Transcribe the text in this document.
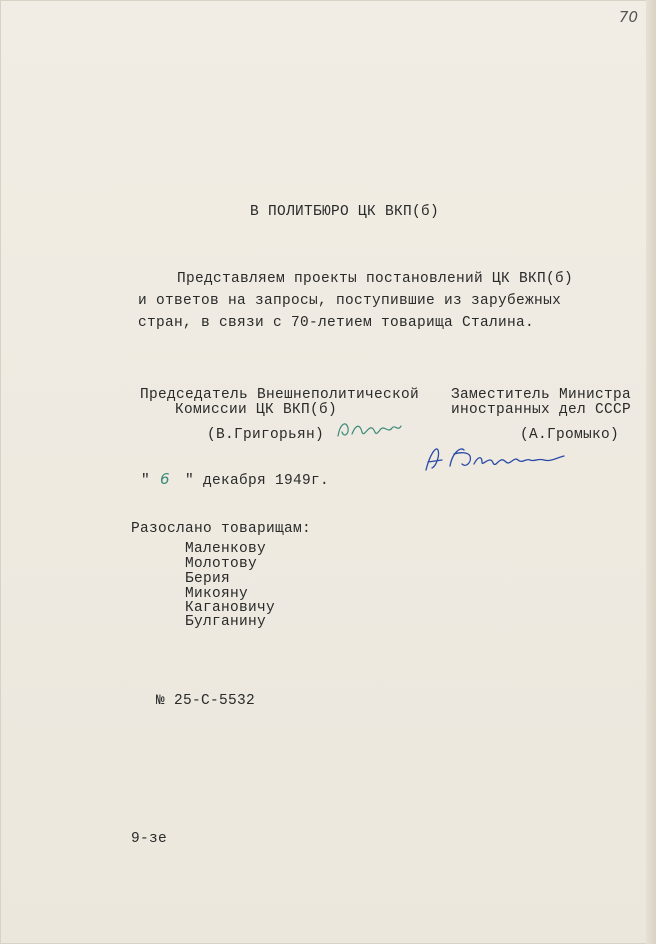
70
В ПОЛИТБЮРО ЦК ВКП(б)
Представляем проекты постановлений ЦК ВКП(б)
и ответов на запросы, поступившие из зарубежных
стран, в связи с 70-летием товарища Сталина.
Председатель Внешнеполитической
Комиссии ЦК ВКП(б)
(В.Григорьян)
Заместитель Министра
иностранных дел СССР
(А.Громыко)
" 6 " декабря 1949г.
Разослано товарищам:
Маленкову
Молотову
Берия
Микояну
Кагановичу
Булганину
№ 25-С-5532
9-зе
